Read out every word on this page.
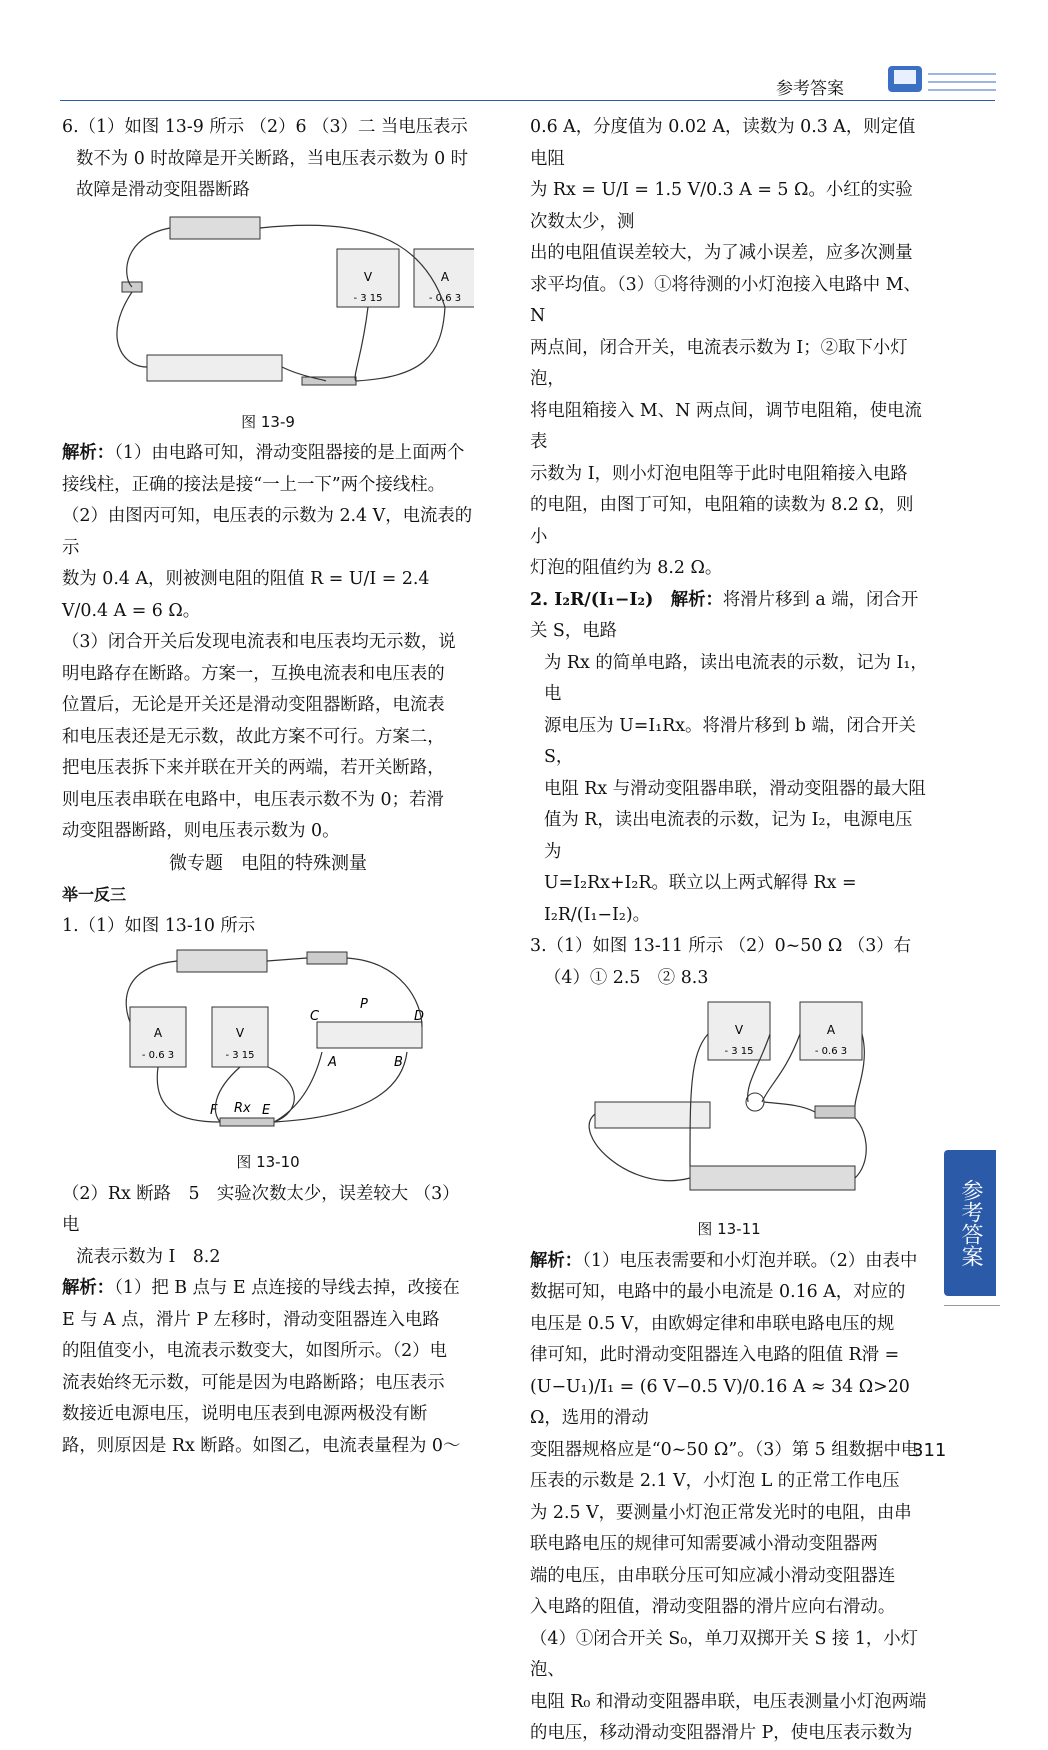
参考答案

6.（1）如图 13-9 所示 （2）6 （3）二 当电压表示

数不为 0 时故障是开关断路，当电压表示数为 0 时

故障是滑动变阻器断路

V
- 3 15
A
- 0.6 3

图 13-9

解析：（1）由电路可知，滑动变阻器接的是上面两个

接线柱，正确的接法是接“一上一下”两个接线柱。

（2）由图丙可知，电压表的示数为 2.4 V，电流表的示

数为 0.4 A，则被测电阻的阻值 R = U/I = 2.4 V/0.4 A = 6 Ω。

（3）闭合开关后发现电流表和电压表均无示数，说

明电路存在断路。方案一，互换电流表和电压表的

位置后，无论是开关还是滑动变阻器断路，电流表

和电压表还是无示数，故此方案不可行。方案二，

把电压表拆下来并联在开关的两端，若开关断路，

则电压表串联在电路中，电压表示数不为 0；若滑

动变阻器断路，则电压表示数为 0。

微专题　电阻的特殊测量

举一反三

1.（1）如图 13-10 所示

A
- 0.6 3
V
- 3 15
C
P
D
A	B
F Rx E

图 13-10

（2）Rx 断路　5　实验次数太少，误差较大 （3）电

流表示数为 I　8.2

解析：（1）把 B 点与 E 点连接的导线去掉，改接在

E 与 A 点，滑片 P 左移时，滑动变阻器连入电路

的阻值变小，电流表示数变大，如图所示。（2）电

流表始终无示数，可能是因为电路断路；电压表示

数接近电源电压，说明电压表到电源两极没有断

路，则原因是 Rx 断路。如图乙，电流表量程为 0～

0.6 A，分度值为 0.02 A，读数为 0.3 A，则定值电阻

为 Rx = U/I = 1.5 V/0.3 A = 5 Ω。小红的实验次数太少，测

出的电阻值误差较大，为了减小误差，应多次测量

求平均值。（3）①将待测的小灯泡接入电路中 M、N

两点间，闭合开关，电流表示数为 I；②取下小灯泡，

将电阻箱接入 M、N 两点间，调节电阻箱，使电流表

示数为 I，则小灯泡电阻等于此时电阻箱接入电路

的电阻，由图丁可知，电阻箱的读数为 8.2 Ω，则小

灯泡的阻值约为 8.2 Ω。

2. I₂R/(I₁−I₂)　 解析：将滑片移到 a 端，闭合开关 S，电路

为 Rx 的简单电路，读出电流表的示数，记为 I₁，电

源电压为 U=I₁Rx。将滑片移到 b 端，闭合开关 S，

电阻 Rx 与滑动变阻器串联，滑动变阻器的最大阻

值为 R，读出电流表的示数，记为 I₂，电源电压为

U=I₂Rx+I₂R。联立以上两式解得 Rx = I₂R/(I₁−I₂)。

3.（1）如图 13-11 所示 （2）0~50 Ω （3）右

（4）① 2.5　② 8.3

V
- 3 15
A
- 0.6 3

图 13-11

解析：（1）电压表需要和小灯泡并联。（2）由表中

数据可知，电路中的最小电流是 0.16 A，对应的

电压是 0.5 V，由欧姆定律和串联电路电压的规

律可知，此时滑动变阻器连入电路的阻值 R滑 =

(U−U₁)/I₁ = (6 V−0.5 V)/0.16 A ≈ 34 Ω>20 Ω，选用的滑动

变阻器规格应是“0~50 Ω”。（3）第 5 组数据中电

压表的示数是 2.1 V，小灯泡 L 的正常工作电压

为 2.5 V，要测量小灯泡正常发光时的电阻，由串

联电路电压的规律可知需要减小滑动变阻器两

端的电压，由串联分压可知应减小滑动变阻器连

入电路的阻值，滑动变阻器的滑片应向右滑动。

（4）①闭合开关 S₀，单刀双掷开关 S 接 1，小灯泡、

电阻 R₀ 和滑动变阻器串联，电压表测量小灯泡两端

的电压，移动滑动变阻器滑片 P，使电压表示数为

参考答案
311
